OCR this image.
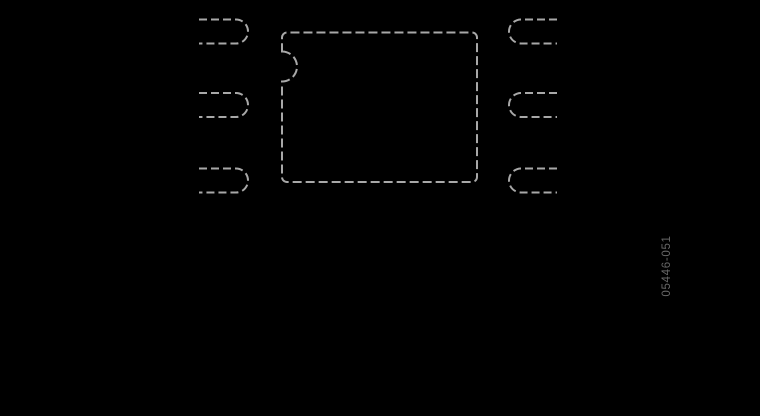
05446-051
